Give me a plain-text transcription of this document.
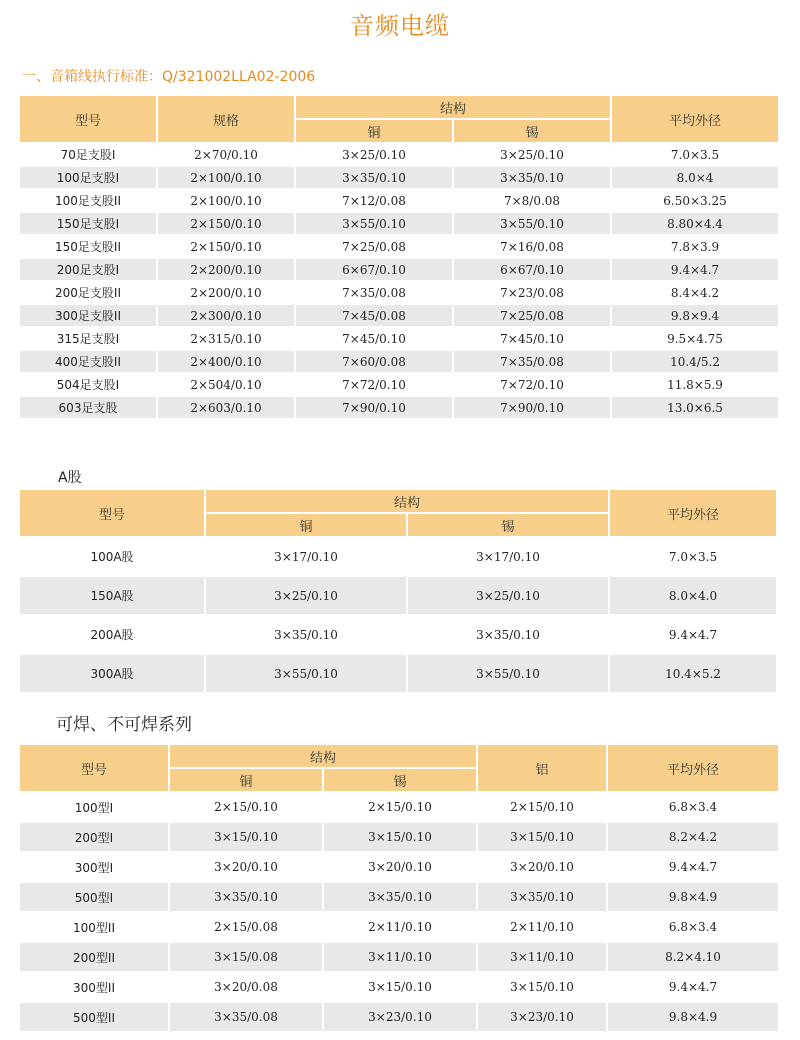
音频电缆
一、音箱线执行标准：Q/321002LLA02-2006
型号	规格	结构		平均外径
		铜	锡	
70足支股I	2×70/0.10	3×25/0.10	3×25/0.10	7.0×3.5
100足支股I	2×100/0.10	3×35/0.10	3×35/0.10	8.0×4
100足支股II	2×100/0.10	7×12/0.08	7×8/0.08	6.50×3.25
150足支股I	2×150/0.10	3×55/0.10	3×55/0.10	8.80×4.4
150足支股II	2×150/0.10	7×25/0.08	7×16/0.08	7.8×3.9
200足支股I	2×200/0.10	6×67/0.10	6×67/0.10	9.4×4.7
200足支股II	2×200/0.10	7×35/0.08	7×23/0.08	8.4×4.2
300足支股II	2×300/0.10	7×45/0.08	7×25/0.08	9.8×9.4
315足支股I	2×315/0.10	7×45/0.10	7×45/0.10	9.5×4.75
400足支股II	2×400/0.10	7×60/0.08	7×35/0.08	10.4/5.2
504足支股I	2×504/0.10	7×72/0.10	7×72/0.10	11.8×5.9
603足支股	2×603/0.10	7×90/0.10	7×90/0.10	13.0×6.5
A股
型号	结构		平均外径
	铜	锡	
100A股	3×17/0.10	3×17/0.10	7.0×3.5
150A股	3×25/0.10	3×25/0.10	8.0×4.0
200A股	3×35/0.10	3×35/0.10	9.4×4.7
300A股	3×55/0.10	3×55/0.10	10.4×5.2
可焊、不可焊系列
型号	结构		铝	平均外径
	铜	锡		
100型I	2×15/0.10	2×15/0.10	2×15/0.10	6.8×3.4
200型I	3×15/0.10	3×15/0.10	3×15/0.10	8.2×4.2
300型I	3×20/0.10	3×20/0.10	3×20/0.10	9.4×4.7
500型I	3×35/0.10	3×35/0.10	3×35/0.10	9.8×4.9
100型II	2×15/0.08	2×11/0.10	2×11/0.10	6.8×3.4
200型II	3×15/0.08	3×11/0.10	3×11/0.10	8.2×4.10
300型II	3×20/0.08	3×15/0.10	3×15/0.10	9.4×4.7
500型II	3×35/0.08	3×23/0.10	3×23/0.10	9.8×4.9
